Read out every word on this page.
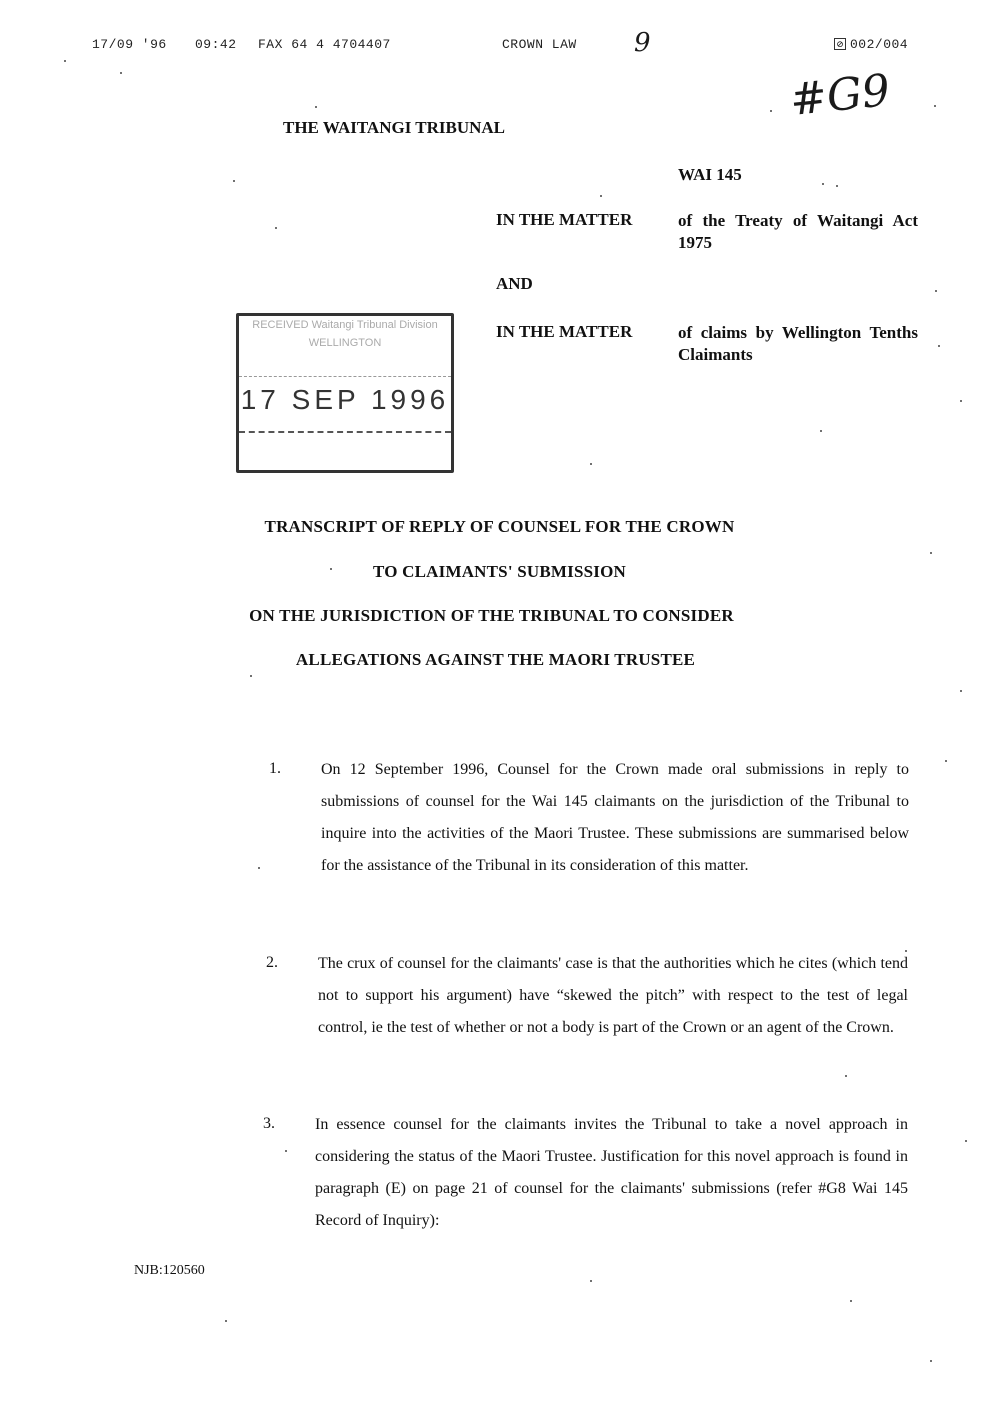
17/09 '96 09:42 FAX 64 4 4704407	CROWN LAW 9	⊘ 002/004
#G9
THE WAITANGI TRIBUNAL
WAI 145
IN THE MATTER	of the Treaty of Waitangi Act 1975
AND
IN THE MATTER	of claims by Wellington Tenths Claimants
RECEIVED Waitangi Tribunal Division WELLINGTON
17 SEP 1996
TRANSCRIPT OF REPLY OF COUNSEL FOR THE CROWN
TO CLAIMANTS' SUBMISSION
ON THE JURISDICTION OF THE TRIBUNAL TO CONSIDER
ALLEGATIONS AGAINST THE MAORI TRUSTEE
1.	On 12 September 1996, Counsel for the Crown made oral submissions in reply to submissions of counsel for the Wai 145 claimants on the jurisdiction of the Tribunal to inquire into the activities of the Maori Trustee. These submissions are summarised below for the assistance of the Tribunal in its consideration of this matter.
2.	The crux of counsel for the claimants' case is that the authorities which he cites (which tend not to support his argument) have “skewed the pitch” with respect to the test of legal control, ie the test of whether or not a body is part of the Crown or an agent of the Crown.
3.	In essence counsel for the claimants invites the Tribunal to take a novel approach in considering the status of the Maori Trustee. Justification for this novel approach is found in paragraph (E) on page 21 of counsel for the claimants' submissions (refer #G8 Wai 145 Record of Inquiry):
NJB:120560
